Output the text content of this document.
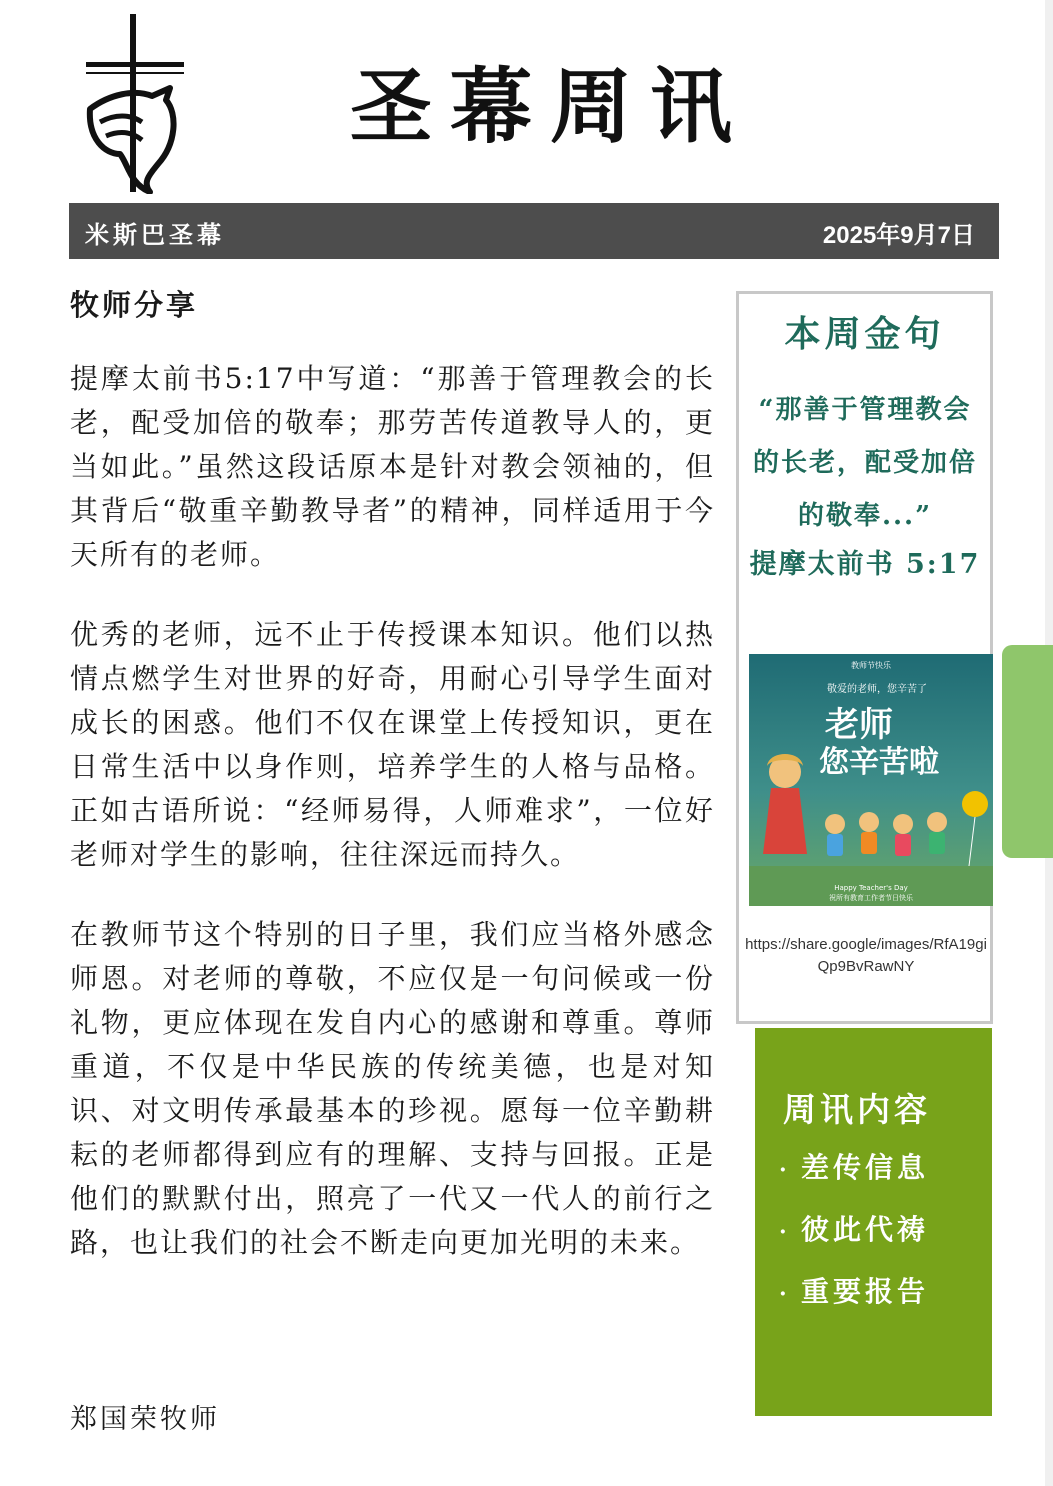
圣幕周讯
米斯巴圣幕	2025年9月7日
牧师分享

提摩太前书5:17中写道：“那善于管理教会的长老，配受加倍的敬奉；那劳苦传道教导人的，更当如此。”虽然这段话原本是针对教会领袖的，但其背后“敬重辛勤教导者”的精神，同样适用于今天所有的老师。

优秀的老师，远不止于传授课本知识。他们以热情点燃学生对世界的好奇，用耐心引导学生面对成长的困惑。他们不仅在课堂上传授知识，更在日常生活中以身作则，培养学生的人格与品格。正如古语所说：“经师易得，人师难求”，一位好老师对学生的影响，往往深远而持久。

在教师节这个特别的日子里，我们应当格外感念师恩。对老师的尊敬，不应仅是一句问候或一份礼物，更应体现在发自内心的感谢和尊重。尊师重道，不仅是中华民族的传统美德，也是对知识、对文明传承最基本的珍视。愿每一位辛勤耕耘的老师都得到应有的理解、支持与回报。正是他们的默默付出，照亮了一代又一代人的前行之路，也让我们的社会不断走向更加光明的未来。

郑国荣牧师
本周金句
“那善于管理教会的长老，配受加倍的敬奉...”
提摩太前书 5:17
教师节快乐
敬爱的老师，您辛苦了
老师
您辛苦啦
Happy Teacher's Day
祝所有教育工作者节日快乐
https://share.google/images/RfA19giQp9BvRawNY
周讯内容
· 差传信息
· 彼此代祷
· 重要报告
